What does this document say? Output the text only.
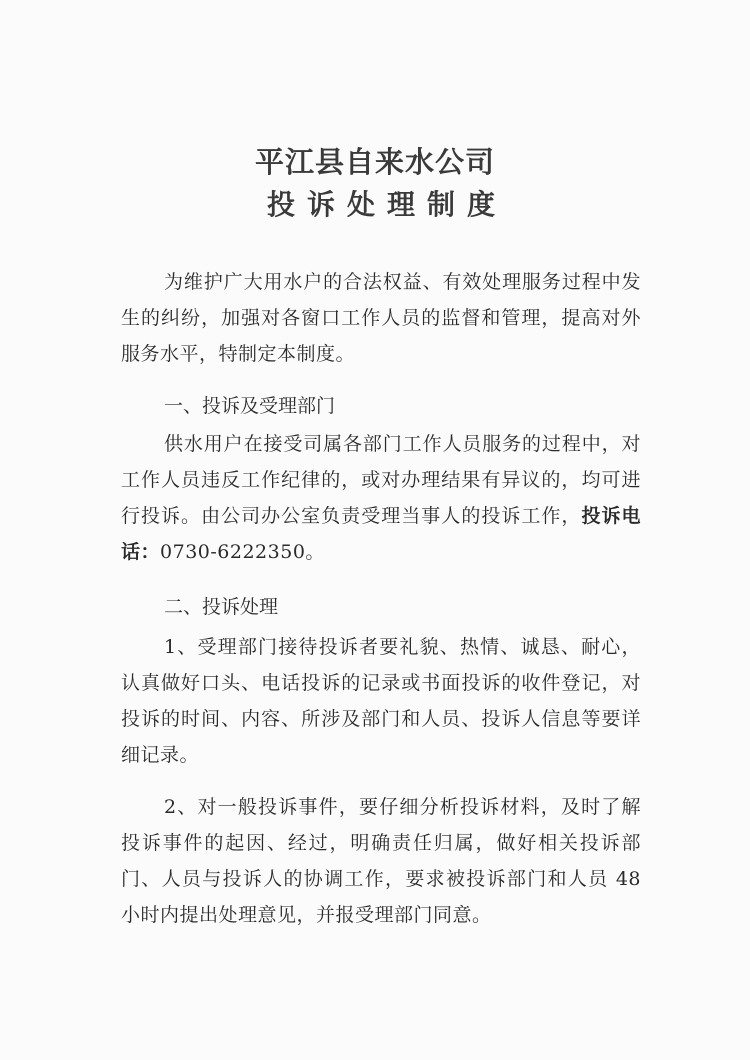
平江县自来水公司
投诉处理制度

为维护广大用水户的合法权益、有效处理服务过程中发生的纠纷，加强对各窗口工作人员的监督和管理，提高对外服务水平，特制定本制度。

一、投诉及受理部门

供水用户在接受司属各部门工作人员服务的过程中，对工作人员违反工作纪律的，或对办理结果有异议的，均可进行投诉。由公司办公室负责受理当事人的投诉工作，投诉电话：0730-6222350。

二、投诉处理

1、受理部门接待投诉者要礼貌、热情、诚恳、耐心，认真做好口头、电话投诉的记录或书面投诉的收件登记，对投诉的时间、内容、所涉及部门和人员、投诉人信息等要详细记录。

2、对一般投诉事件，要仔细分析投诉材料，及时了解投诉事件的起因、经过，明确责任归属，做好相关投诉部门、人员与投诉人的协调工作，要求被投诉部门和人员 48 小时内提出处理意见，并报受理部门同意。
